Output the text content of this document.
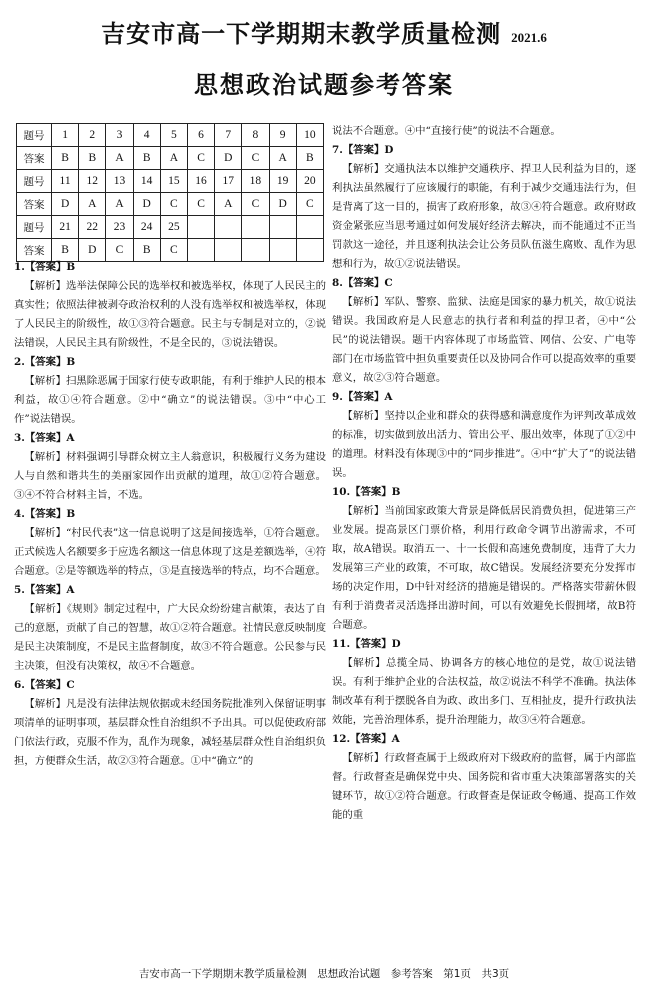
吉安市高一下学期期末教学质量检测 2021.6
思想政治试题参考答案
题号	1	2	3	4	5	6	7	8	9	10
答案	B	B	A	B	A	C	D	C	A	B
题号	11	12	13	14	15	16	17	18	19	20
答案	D	A	A	D	C	C	A	C	D	C
题号	21	22	23	24	25					
答案	B	D	C	B	C					

1.【答案】B

【解析】选举法保障公民的选举权和被选举权，体现了人民民主的真实性；依照法律被剥夺政治权利的人没有选举权和被选举权，体现了人民民主的阶级性，故①③符合题意。民主与专制是对立的，②说法错误，人民民主具有阶级性，不是全民的，③说法错误。

2.【答案】B

【解析】扫黑除恶属于国家行使专政职能，有利于维护人民的根本利益，故①④符合题意。②中“确立”的说法错误。③中“中心工作”说法错误。

3.【答案】A

【解析】材料强调引导群众树立主人翁意识，积极履行义务为建设人与自然和谐共生的美丽家园作出贡献的道理，故①②符合题意。③④不符合材料主旨，不选。

4.【答案】B

【解析】“村民代表”这一信息说明了这是间接选举，①符合题意。正式候选人名额要多于应选名额这一信息体现了这是差额选举，④符合题意。②是等额选举的特点，③是直接选举的特点，均不合题意。

5.【答案】A

【解析】《规则》制定过程中，广大民众纷纷建言献策，表达了自己的意愿，贡献了自己的智慧，故①②符合题意。社情民意反映制度是民主决策制度，不是民主监督制度，故③不符合题意。公民参与民主决策，但没有决策权，故④不合题意。

6.【答案】C

【解析】凡是没有法律法规依据或未经国务院批准列入保留证明事项清单的证明事项，基层群众性自治组织不予出具。可以促使政府部门依法行政，克服不作为，乱作为现象，减轻基层群众性自治组织负担，方便群众生活，故②③符合题意。①中“确立”的

说法不合题意。④中“直接行使”的说法不合题意。

7.【答案】D

【解析】交通执法本以维护交通秩序、捍卫人民利益为目的，逐利执法虽然履行了应该履行的职能，有利于减少交通违法行为，但是背离了这一目的，损害了政府形象，故③④符合题意。政府财政资金紧张应当思考通过如何发展好经济去解决，而不能通过不正当罚款这一途径，并且逐利执法会让公务员队伍滋生腐败、乱作为思想和行为，故①②说法错误。

8.【答案】C

【解析】军队、警察、监狱、法庭是国家的暴力机关，故①说法错误。我国政府是人民意志的执行者和利益的捍卫者，④中“公民”的说法错误。题干内容体现了市场监管、网信、公安、广电等部门在市场监管中担负重要责任以及协同合作可以提高效率的重要意义，故②③符合题意。

9.【答案】A

【解析】坚持以企业和群众的获得感和满意度作为评判改革成效的标准，切实做到放出活力、管出公平、服出效率，体现了①②中的道理。材料没有体现③中的“同步推进”。④中“扩大了”的说法错误。

10.【答案】B

【解析】当前国家政策大背景是降低居民消费负担，促进第三产业发展。提高景区门票价格，利用行政命令调节出游需求，不可取，故A错误。取消五一、十一长假和高速免费制度，违背了大力发展第三产业的政策，不可取，故C错误。发展经济要充分发挥市场的决定作用，D中针对经济的措施是错误的。严格落实带薪休假有利于消费者灵活选择出游时间，可以有效避免长假拥堵，故B符合题意。

11.【答案】D

【解析】总揽全局、协调各方的核心地位的是党，故①说法错误。有利于维护企业的合法权益，故②说法不科学不准确。执法体制改革有利于摆脱各自为政、政出多门、互相扯皮，提升行政执法效能，完善治理体系，提升治理能力，故③④符合题意。

12.【答案】A

【解析】行政督查属于上级政府对下级政府的监督，属于内部监督。行政督查是确保党中央、国务院和省市重大决策部署落实的关键环节，故①②符合题意。行政督查是保证政令畅通、提高工作效能的重

吉安市高一下学期期末教学质量检测　思想政治试题　参考答案　第1页　共3页
